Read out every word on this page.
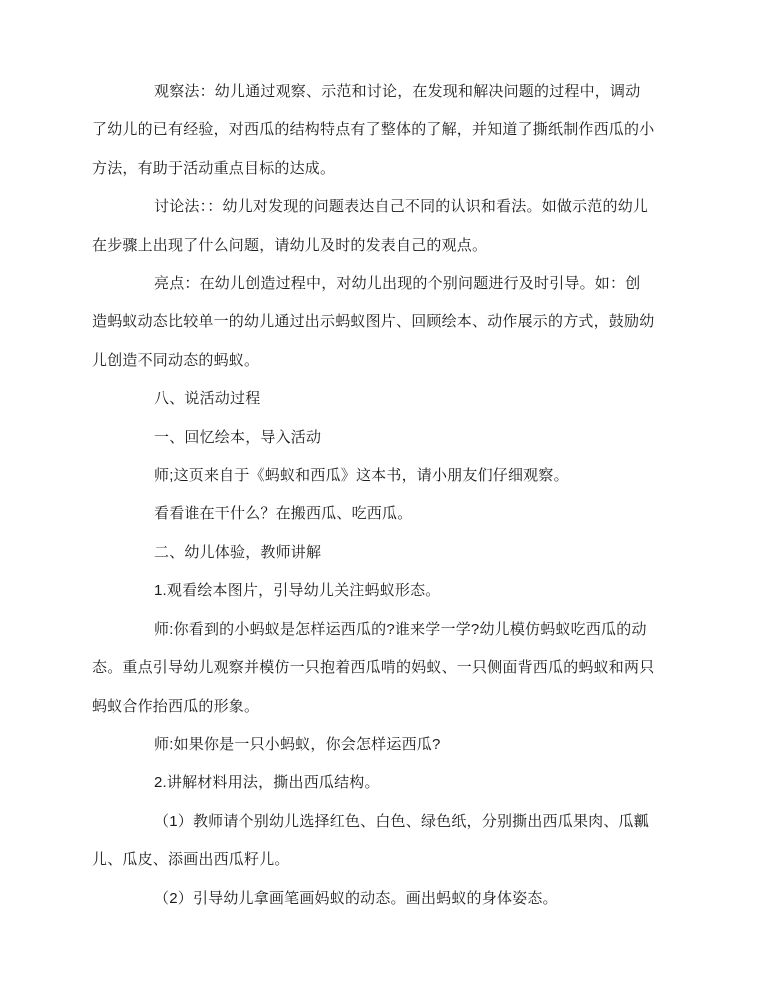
观察法：幼儿通过观察、示范和讨论，在发现和解决问题的过程中，调动了幼儿的已有经验，对西瓜的结构特点有了整体的了解，并知道了撕纸制作西瓜的小方法，有助于活动重点目标的达成。

讨论法：：幼儿对发现的问题表达自己不同的认识和看法。如做示范的幼儿在步骤上出现了什么问题，请幼儿及时的发表自己的观点。

亮点：在幼儿创造过程中，对幼儿出现的个别问题进行及时引导。如：创造蚂蚁动态比较单一的幼儿通过出示蚂蚁图片、回顾绘本、动作展示的方式，鼓励幼儿创造不同动态的蚂蚁。

八、说活动过程

一、回忆绘本，导入活动

师;这页来自于《蚂蚁和西瓜》这本书，请小朋友们仔细观察。

看看谁在干什么？在搬西瓜、吃西瓜。

二、幼儿体验，教师讲解

1.观看绘本图片，引导幼儿关注蚂蚁形态。

师:你看到的小蚂蚁是怎样运西瓜的?谁来学一学?幼儿模仿蚂蚁吃西瓜的动态。重点引导幼儿观察并模仿一只抱着西瓜啃的妈蚁、一只侧面背西瓜的蚂蚁和两只蚂蚁合作抬西瓜的形象。

师:如果你是一只小蚂蚁，你会怎样运西瓜?

2.讲解材料用法，撕出西瓜结构。

（1）教师请个别幼儿选择红色、白色、绿色纸，分别撕出西瓜果肉、瓜瓤儿、瓜皮、添画出西瓜籽儿。

（2）引导幼儿拿画笔画妈蚁的动态。画出蚂蚁的身体姿态。
